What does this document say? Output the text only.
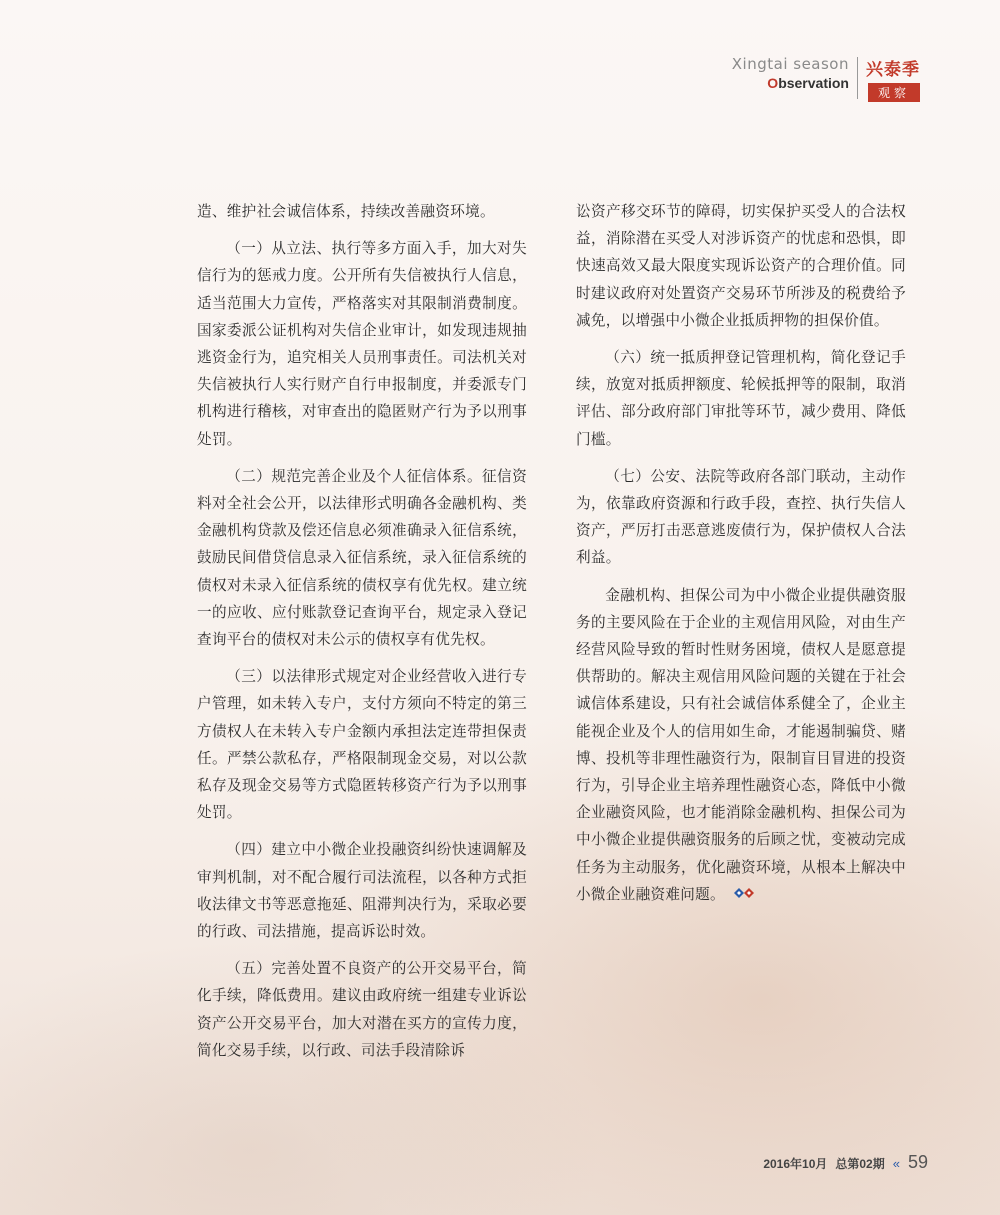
Xingtai season
Observation
兴泰季
观察

造、维护社会诚信体系，持续改善融资环境。

（一）从立法、执行等多方面入手，加大对失信行为的惩戒力度。公开所有失信被执行人信息，适当范围大力宣传，严格落实对其限制消费制度。国家委派公证机构对失信企业审计，如发现违规抽逃资金行为，追究相关人员刑事责任。司法机关对失信被执行人实行财产自行申报制度，并委派专门机构进行稽核，对审查出的隐匿财产行为予以刑事处罚。

（二）规范完善企业及个人征信体系。征信资料对全社会公开，以法律形式明确各金融机构、类金融机构贷款及偿还信息必须准确录入征信系统，鼓励民间借贷信息录入征信系统，录入征信系统的债权对未录入征信系统的债权享有优先权。建立统一的应收、应付账款登记查询平台，规定录入登记查询平台的债权对未公示的债权享有优先权。

（三）以法律形式规定对企业经营收入进行专户管理，如未转入专户，支付方须向不特定的第三方债权人在未转入专户金额内承担法定连带担保责任。严禁公款私存，严格限制现金交易，对以公款私存及现金交易等方式隐匿转移资产行为予以刑事处罚。

（四）建立中小微企业投融资纠纷快速调解及审判机制，对不配合履行司法流程，以各种方式拒收法律文书等恶意拖延、阻滞判决行为，采取必要的行政、司法措施，提高诉讼时效。

（五）完善处置不良资产的公开交易平台，简化手续，降低费用。建议由政府统一组建专业诉讼资产公开交易平台，加大对潜在买方的宣传力度，简化交易手续，以行政、司法手段清除诉

讼资产移交环节的障碍，切实保护买受人的合法权益，消除潜在买受人对涉诉资产的忧虑和恐惧，即快速高效又最大限度实现诉讼资产的合理价值。同时建议政府对处置资产交易环节所涉及的税费给予减免，以增强中小微企业抵质押物的担保价值。

（六）统一抵质押登记管理机构，简化登记手续，放宽对抵质押额度、轮候抵押等的限制，取消评估、部分政府部门审批等环节，减少费用、降低门槛。

（七）公安、法院等政府各部门联动，主动作为，依靠政府资源和行政手段，查控、执行失信人资产，严厉打击恶意逃废债行为，保护债权人合法利益。

金融机构、担保公司为中小微企业提供融资服务的主要风险在于企业的主观信用风险，对由生产经营风险导致的暂时性财务困境，债权人是愿意提供帮助的。解决主观信用风险问题的关键在于社会诚信体系建设，只有社会诚信体系健全了，企业主能视企业及个人的信用如生命，才能遏制骗贷、赌博、投机等非理性融资行为，限制盲目冒进的投资行为，引导企业主培养理性融资心态，降低中小微企业融资风险，也才能消除金融机构、担保公司为中小微企业提供融资服务的后顾之忧，变被动完成任务为主动服务，优化融资环境，从根本上解决中小微企业融资难问题。

2016年10月 总第02期 « 59
